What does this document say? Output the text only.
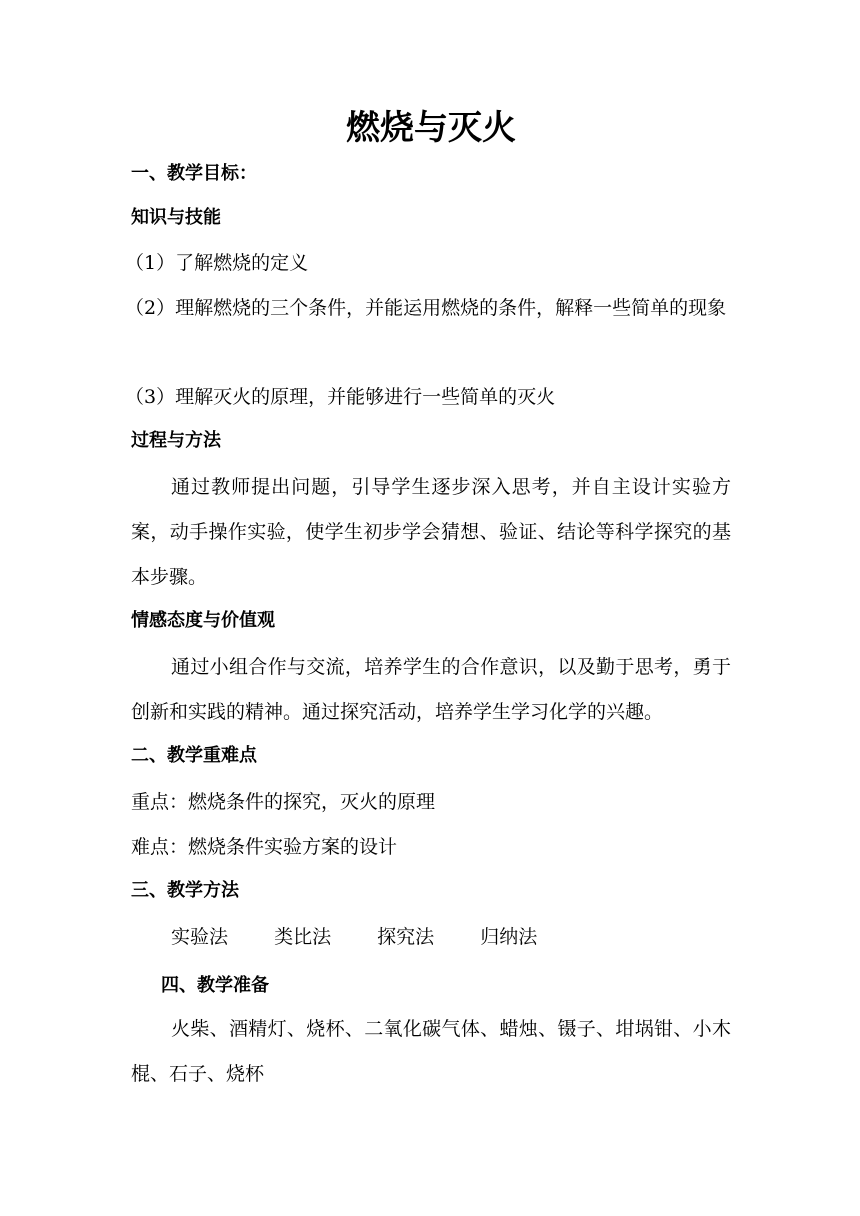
燃烧与灭火
一、教学目标：
知识与技能
（1）了解燃烧的定义
（2）理解燃烧的三个条件，并能运用燃烧的条件，解释一些简单的现象
（3）理解灭火的原理，并能够进行一些简单的灭火
过程与方法
通过教师提出问题，引导学生逐步深入思考，并自主设计实验方案，动手操作实验，使学生初步学会猜想、验证、结论等科学探究的基本步骤。
情感态度与价值观
通过小组合作与交流，培养学生的合作意识，以及勤于思考，勇于创新和实践的精神。通过探究活动，培养学生学习化学的兴趣。
二、教学重难点
重点：燃烧条件的探究，灭火的原理
难点：燃烧条件实验方案的设计
三、教学方法
实验法 类比法 探究法 归纳法
四、教学准备
火柴、酒精灯、烧杯、二氧化碳气体、蜡烛、镊子、坩埚钳、小木棍、石子、烧杯
